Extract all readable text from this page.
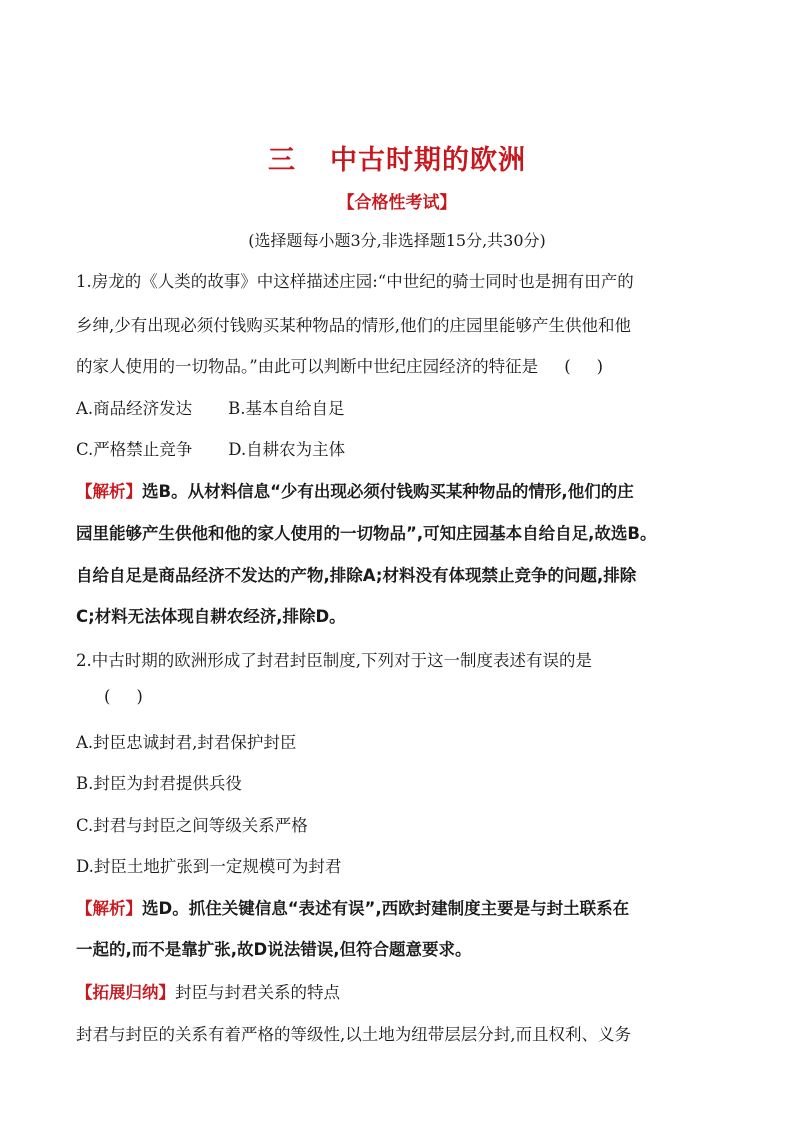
三 中古时期的欧洲
【合格性考试】
(选择题每小题3分,非选择题15分,共30分)
1.房龙的《人类的故事》中这样描述庄园:“中世纪的骑士同时也是拥有田产的
乡绅,少有出现必须付钱购买某种物品的情形,他们的庄园里能够产生供他和他
的家人使用的一切物品。”由此可以判断中世纪庄园经济的特征是 ()
A.商品经济发达 B.基本自给自足
C.严格禁止竞争 D.自耕农为主体
【解析】选B。从材料信息“少有出现必须付钱购买某种物品的情形,他们的庄
园里能够产生供他和他的家人使用的一切物品”,可知庄园基本自给自足,故选B。
自给自足是商品经济不发达的产物,排除A;材料没有体现禁止竞争的问题,排除
C;材料无法体现自耕农经济,排除D。
2.中古时期的欧洲形成了封君封臣制度,下列对于这一制度表述有误的是
()
A.封臣忠诚封君,封君保护封臣
B.封臣为封君提供兵役
C.封君与封臣之间等级关系严格
D.封臣土地扩张到一定规模可为封君
【解析】选D。抓住关键信息“表述有误”,西欧封建制度主要是与封土联系在
一起的,而不是靠扩张,故D说法错误,但符合题意要求。
【拓展归纳】封臣与封君关系的特点
封君与封臣的关系有着严格的等级性,以土地为纽带层层分封,而且权利、义务
